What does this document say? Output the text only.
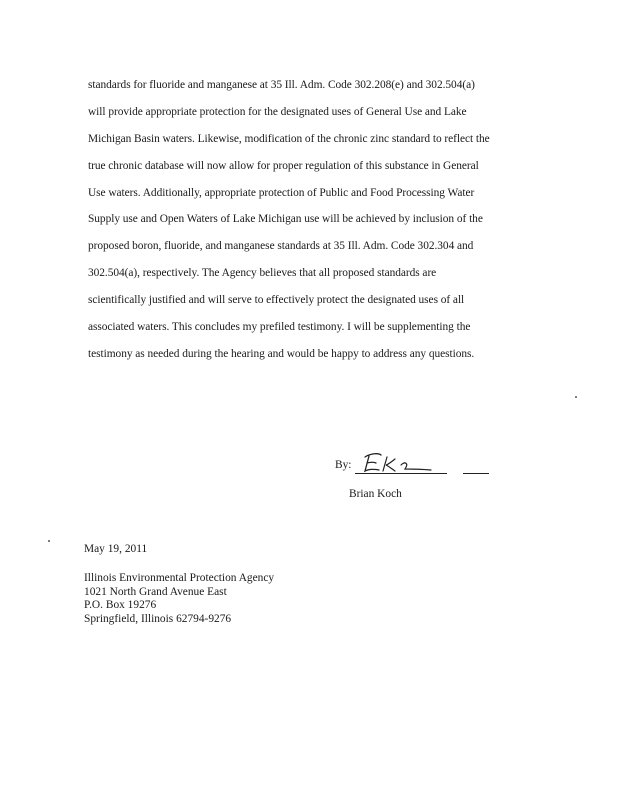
standards for fluoride and manganese at 35 Ill. Adm. Code 302.208(e) and 302.504(a)
will provide appropriate protection for the designated uses of General Use and Lake
Michigan Basin waters. Likewise, modification of the chronic zinc standard to reflect the
true chronic database will now allow for proper regulation of this substance in General
Use waters. Additionally, appropriate protection of Public and Food Processing Water
Supply use and Open Waters of Lake Michigan use will be achieved by inclusion of the
proposed boron, fluoride, and manganese standards at 35 Ill. Adm. Code 302.304 and
302.504(a), respectively. The Agency believes that all proposed standards are
scientifically justified and will serve to effectively protect the designated uses of all
associated waters. This concludes my prefiled testimony. I will be supplementing the
testimony as needed during the hearing and would be happy to address any questions.
By:
Brian Koch
May 19, 2011
Illinois Environmental Protection Agency
1021 North Grand Avenue East
P.O. Box 19276
Springfield, Illinois 62794-9276
